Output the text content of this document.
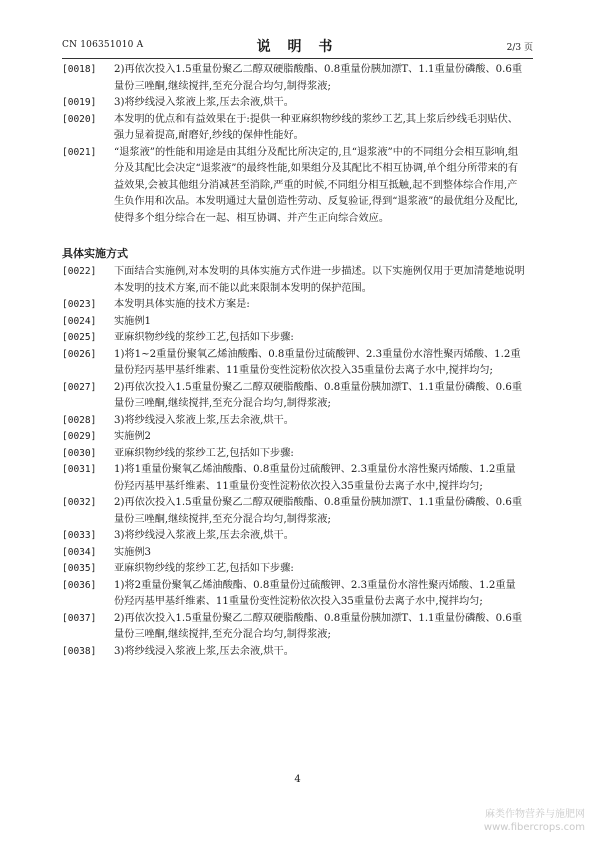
CN 106351010 A	说 明 书	2/3 页
[0018] 2)再依次投入1.5重量份聚乙二醇双硬脂酸酯、0.8重量份胰加漂T、1.1重量份磷酸、0.6重量份三唑酮,继续搅拌,至充分混合均匀,制得浆液;
[0019] 3)将纱线浸入浆液上浆,压去余液,烘干。
[0020] 本发明的优点和有益效果在于:提供一种亚麻织物纱线的浆纱工艺,其上浆后纱线毛羽贴伏、强力显着提高,耐磨好,纱线的保伸性能好。
[0021] “退浆液”的性能和用途是由其组分及配比所决定的,且“退浆液”中的不同组分会相互影响,组分及其配比会决定“退浆液”的最终性能,如果组分及其配比不相互协调,单个组分所带来的有益效果,会被其他组分消减甚至消除,严重的时候,不同组分相互抵触,起不到整体综合作用,产生负作用和次品。本发明通过大量创造性劳动、反复验证,得到“退浆液”的最优组分及配比,使得多个组分综合在一起、相互协调、并产生正向综合效应。
具体实施方式
[0022] 下面结合实施例,对本发明的具体实施方式作进一步描述。以下实施例仅用于更加清楚地说明本发明的技术方案,而不能以此来限制本发明的保护范围。
[0023] 本发明具体实施的技术方案是:
[0024] 实施例1
[0025] 亚麻织物纱线的浆纱工艺,包括如下步骤:
[0026] 1)将1~2重量份聚氧乙烯油酸酯、0.8重量份过硫酸钾、2.3重量份水溶性聚丙烯酸、1.2重量份羟丙基甲基纤维素、11重量份变性淀粉依次投入35重量份去离子水中,搅拌均匀;
[0027] 2)再依次投入1.5重量份聚乙二醇双硬脂酸酯、0.8重量份胰加漂T、1.1重量份磷酸、0.6重量份三唑酮,继续搅拌,至充分混合均匀,制得浆液;
[0028] 3)将纱线浸入浆液上浆,压去余液,烘干。
[0029] 实施例2
[0030] 亚麻织物纱线的浆纱工艺,包括如下步骤:
[0031] 1)将1重量份聚氧乙烯油酸酯、0.8重量份过硫酸钾、2.3重量份水溶性聚丙烯酸、1.2重量份羟丙基甲基纤维素、11重量份变性淀粉依次投入35重量份去离子水中,搅拌均匀;
[0032] 2)再依次投入1.5重量份聚乙二醇双硬脂酸酯、0.8重量份胰加漂T、1.1重量份磷酸、0.6重量份三唑酮,继续搅拌,至充分混合均匀,制得浆液;
[0033] 3)将纱线浸入浆液上浆,压去余液,烘干。
[0034] 实施例3
[0035] 亚麻织物纱线的浆纱工艺,包括如下步骤:
[0036] 1)将2重量份聚氧乙烯油酸酯、0.8重量份过硫酸钾、2.3重量份水溶性聚丙烯酸、1.2重量份羟丙基甲基纤维素、11重量份变性淀粉依次投入35重量份去离子水中,搅拌均匀;
[0037] 2)再依次投入1.5重量份聚乙二醇双硬脂酸酯、0.8重量份胰加漂T、1.1重量份磷酸、0.6重量份三唑酮,继续搅拌,至充分混合均匀,制得浆液;
[0038] 3)将纱线浸入浆液上浆,压去余液,烘干。
4
麻类作物营养与施肥网
www.fibercrops.com
